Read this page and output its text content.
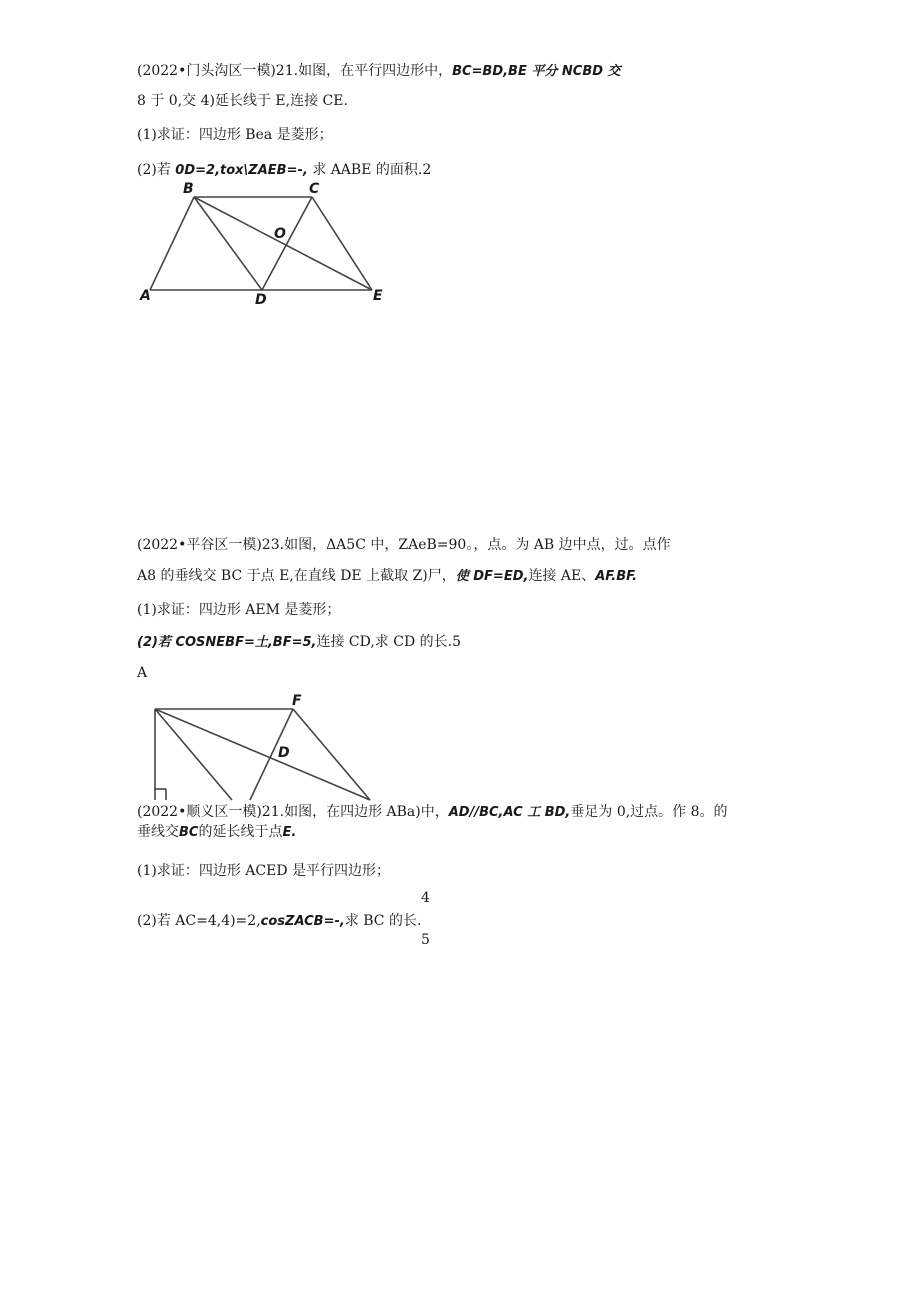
(2022•门头沟区一模)21.如图，在平行四边形中，BC=BD,BE 平分 NCBD 交
8 于 0,交 4)延长线于 E,连接 CE.
(1)求证：四边形 Bea 是菱形；
(2)若 0D=2,tox\ZAEB=-, 求 AABE 的面积.2
B	C
O
A	D	E
(2022•平谷区一模)23.如图，ΔA5C 中，ZAeB=90。，点。为 AB 边中点，过。点作
A8 的垂线交 BC 于点 E,在直线 DE 上截取 Z)尸，使 DF=ED,连接 AE、AF.BF.
(1)求证：四边形 AEM 是菱形；
(2)若 COSNEBF=土,BF=5,连接 CD,求 CD 的长.5
A
F
D
(2022•顺义区一模)21.如图，在四边形 ABa)中，AD//BC,AC 工 BD,垂足为 0,过点。作 8。的
垂线交BC的延长线于点E.
(1)求证：四边形 ACED 是平行四边形；
(2)若 AC=4,4)=2,cosZACB=-,求 BC 的长.
4
5
